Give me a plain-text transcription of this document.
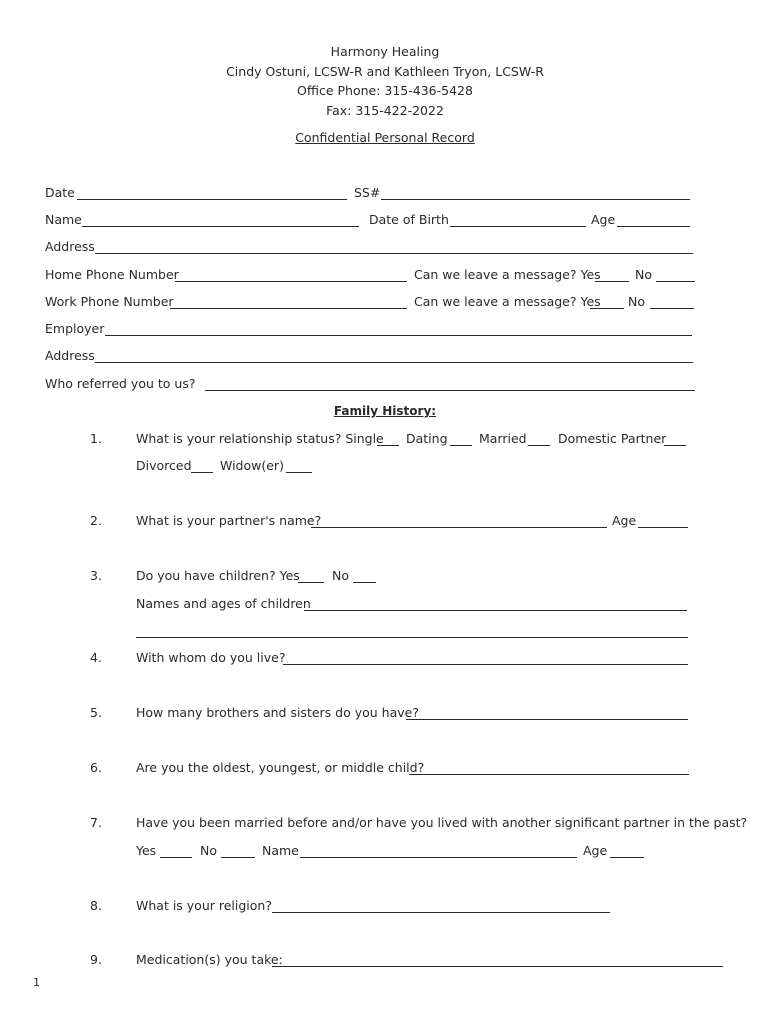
Harmony Healing
Cindy Ostuni, LCSW-R and Kathleen Tryon, LCSW-R
Office Phone: 315-436-5428
Fax: 315-422-2022
Confidential Personal Record
Date	SS#
Name	Date of Birth	Age
Address
Home Phone Number	Can we leave a message? Yes	No
Work Phone Number	Can we leave a message? Yes No
Employer
Address
Who referred you to us?
Family History:
1.	What is your relationship status? Single Dating	Married	Domestic Partner
Divorced Widow(er)
2.	What is your partner's name?	Age
3.	Do you have children? Yes	No
Names and ages of children
4.	With whom do you live?
5.	How many brothers and sisters do you have?
6.	Are you the oldest, youngest, or middle child?
7.	Have you been married before and/or have you lived with another significant partner in the past?
Yes	No	Name	Age
8.	What is your religion?
9.	Medication(s) you take:
1
